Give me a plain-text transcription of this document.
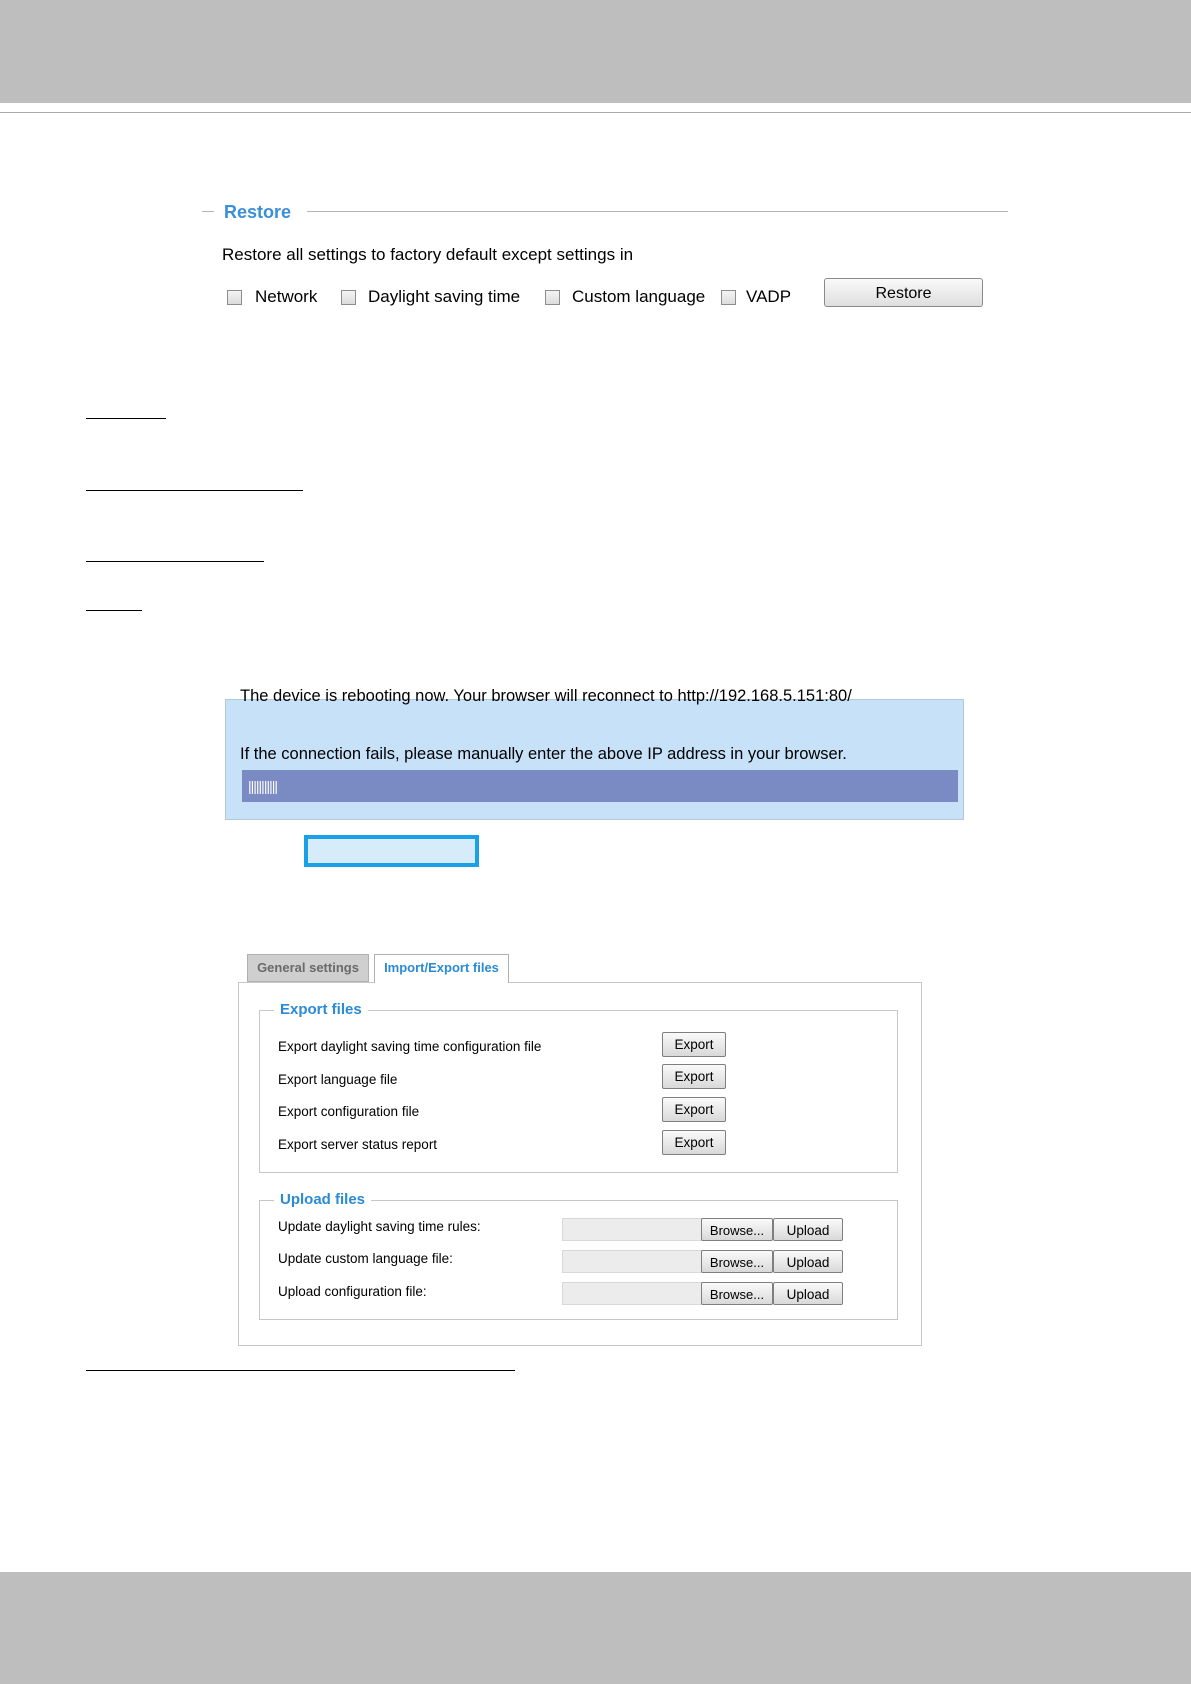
Restore
Restore all settings to factory default except settings in
Network	Daylight saving time	Custom language VADP	Restore
The device is rebooting now. Your browser will reconnect to http://192.168.5.151:80/
If the connection fails, please manually enter the above IP address in your browser.
|||||||||||
General settings	Import/Export files
Export files
Export daylight saving time configuration file	Export
Export language file	Export
Export configuration file	Export
Export server status report	Export
Upload files
Update daylight saving time rules:	Browse...	Upload
Update custom language file:	Browse...	Upload
Upload configuration file:	Browse...	Upload
